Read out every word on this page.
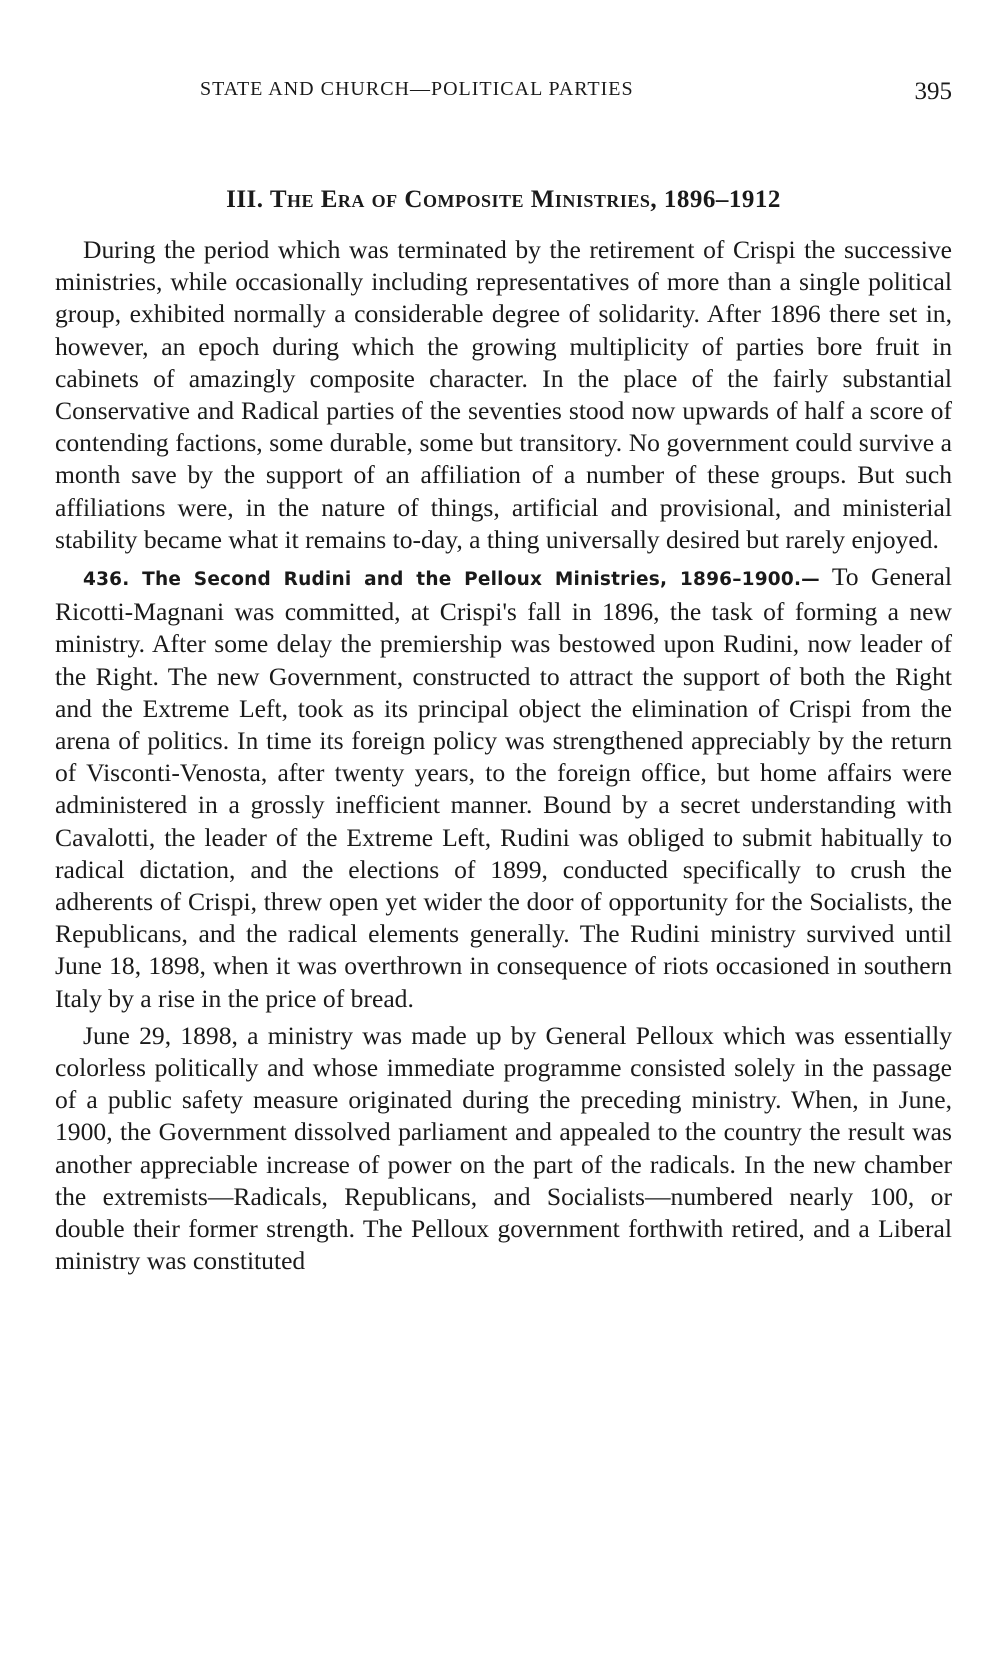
STATE AND CHURCH—POLITICAL PARTIES	395
III. The Era of Composite Ministries, 1896–1912

During the period which was terminated by the retirement of Crispi the successive ministries, while occasionally including representatives of more than a single political group, exhibited normally a considerable degree of solidarity. After 1896 there set in, however, an epoch during which the growing multiplicity of parties bore fruit in cabinets of amazingly composite character. In the place of the fairly substantial Conservative and Radical parties of the seventies stood now upwards of half a score of contending factions, some durable, some but transitory. No government could survive a month save by the support of an affiliation of a number of these groups. But such affiliations were, in the nature of things, artificial and provisional, and ministerial stability became what it remains to-day, a thing universally desired but rarely enjoyed.

436. The Second Rudini and the Pelloux Ministries, 1896–1900.— To General Ricotti-Magnani was committed, at Crispi's fall in 1896, the task of forming a new ministry. After some delay the premiership was bestowed upon Rudini, now leader of the Right. The new Government, constructed to attract the support of both the Right and the Extreme Left, took as its principal object the elimination of Crispi from the arena of politics. In time its foreign policy was strengthened appreciably by the return of Visconti-Venosta, after twenty years, to the foreign office, but home affairs were administered in a grossly inefficient manner. Bound by a secret understanding with Cavalotti, the leader of the Extreme Left, Rudini was obliged to submit habitually to radical dictation, and the elections of 1899, conducted specifically to crush the adherents of Crispi, threw open yet wider the door of opportunity for the Socialists, the Republicans, and the radical elements generally. The Rudini ministry survived until June 18, 1898, when it was overthrown in consequence of riots occasioned in southern Italy by a rise in the price of bread.

June 29, 1898, a ministry was made up by General Pelloux which was essentially colorless politically and whose immediate programme consisted solely in the passage of a public safety measure originated during the preceding ministry. When, in June, 1900, the Government dissolved parliament and appealed to the country the result was another appreciable increase of power on the part of the radicals. In the new chamber the extremists—Radicals, Republicans, and Socialists—numbered nearly 100, or double their former strength. The Pelloux government forthwith retired, and a Liberal ministry was constituted
